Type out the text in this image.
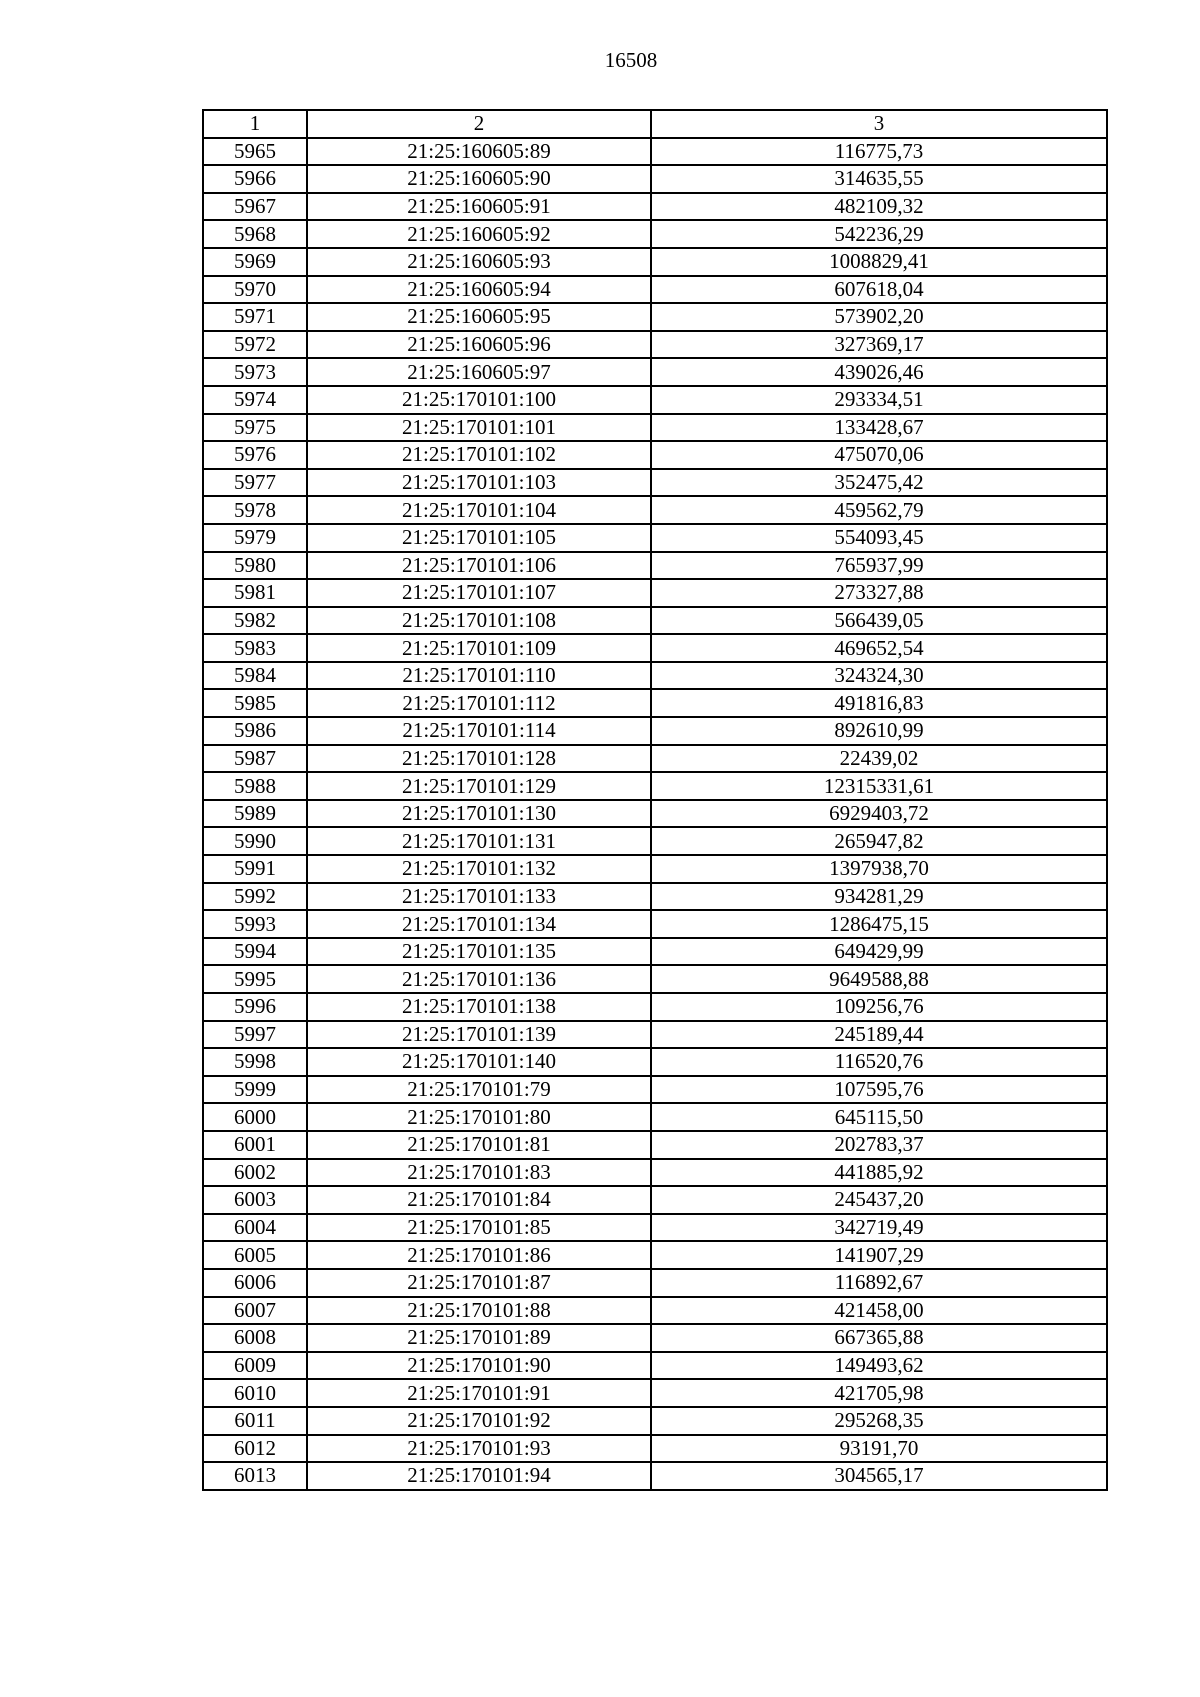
16508
1	2	3
5965	21:25:160605:89	116775,73
5966	21:25:160605:90	314635,55
5967	21:25:160605:91	482109,32
5968	21:25:160605:92	542236,29
5969	21:25:160605:93	1008829,41
5970	21:25:160605:94	607618,04
5971	21:25:160605:95	573902,20
5972	21:25:160605:96	327369,17
5973	21:25:160605:97	439026,46
5974	21:25:170101:100	293334,51
5975	21:25:170101:101	133428,67
5976	21:25:170101:102	475070,06
5977	21:25:170101:103	352475,42
5978	21:25:170101:104	459562,79
5979	21:25:170101:105	554093,45
5980	21:25:170101:106	765937,99
5981	21:25:170101:107	273327,88
5982	21:25:170101:108	566439,05
5983	21:25:170101:109	469652,54
5984	21:25:170101:110	324324,30
5985	21:25:170101:112	491816,83
5986	21:25:170101:114	892610,99
5987	21:25:170101:128	22439,02
5988	21:25:170101:129	12315331,61
5989	21:25:170101:130	6929403,72
5990	21:25:170101:131	265947,82
5991	21:25:170101:132	1397938,70
5992	21:25:170101:133	934281,29
5993	21:25:170101:134	1286475,15
5994	21:25:170101:135	649429,99
5995	21:25:170101:136	9649588,88
5996	21:25:170101:138	109256,76
5997	21:25:170101:139	245189,44
5998	21:25:170101:140	116520,76
5999	21:25:170101:79	107595,76
6000	21:25:170101:80	645115,50
6001	21:25:170101:81	202783,37
6002	21:25:170101:83	441885,92
6003	21:25:170101:84	245437,20
6004	21:25:170101:85	342719,49
6005	21:25:170101:86	141907,29
6006	21:25:170101:87	116892,67
6007	21:25:170101:88	421458,00
6008	21:25:170101:89	667365,88
6009	21:25:170101:90	149493,62
6010	21:25:170101:91	421705,98
6011	21:25:170101:92	295268,35
6012	21:25:170101:93	93191,70
6013	21:25:170101:94	304565,17
